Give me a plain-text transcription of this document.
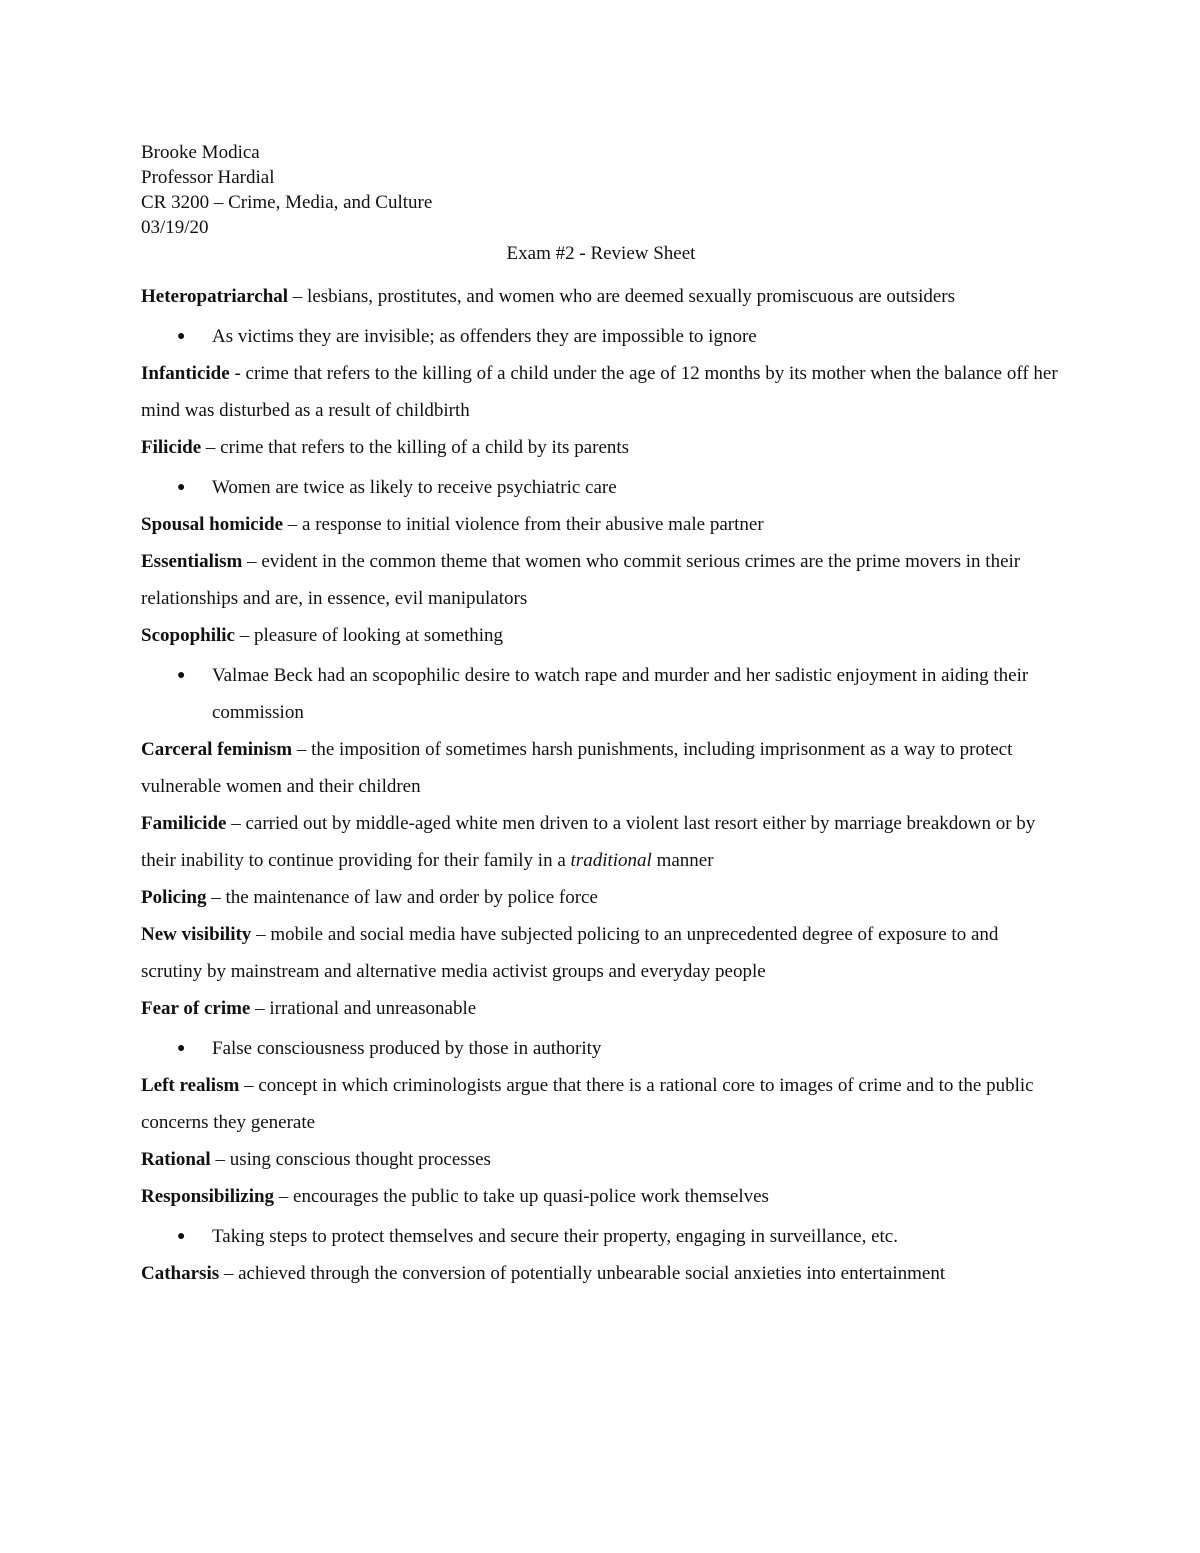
Brooke Modica
Professor Hardial
CR 3200 – Crime, Media, and Culture
03/19/20
Exam #2 - Review Sheet

Heteropatriarchal – lesbians, prostitutes, and women who are deemed sexually promiscuous are outsiders

● As victims they are invisible; as offenders they are impossible to ignore

Infanticide - crime that refers to the killing of a child under the age of 12 months by its mother when the balance off her mind was disturbed as a result of childbirth

Filicide – crime that refers to the killing of a child by its parents

● Women are twice as likely to receive psychiatric care

Spousal homicide – a response to initial violence from their abusive male partner

Essentialism – evident in the common theme that women who commit serious crimes are the prime movers in their relationships and are, in essence, evil manipulators

Scopophilic – pleasure of looking at something

● Valmae Beck had an scopophilic desire to watch rape and murder and her sadistic enjoyment in aiding their commission

Carceral feminism – the imposition of sometimes harsh punishments, including imprisonment as a way to protect vulnerable women and their children

Familicide – carried out by middle-aged white men driven to a violent last resort either by marriage breakdown or by their inability to continue providing for their family in a traditional manner

Policing – the maintenance of law and order by police force

New visibility – mobile and social media have subjected policing to an unprecedented degree of exposure to and scrutiny by mainstream and alternative media activist groups and everyday people

Fear of crime – irrational and unreasonable

● False consciousness produced by those in authority

Left realism – concept in which criminologists argue that there is a rational core to images of crime and to the public concerns they generate

Rational – using conscious thought processes

Responsibilizing – encourages the public to take up quasi-police work themselves

● Taking steps to protect themselves and secure their property, engaging in surveillance, etc.

Catharsis – achieved through the conversion of potentially unbearable social anxieties into entertainment
